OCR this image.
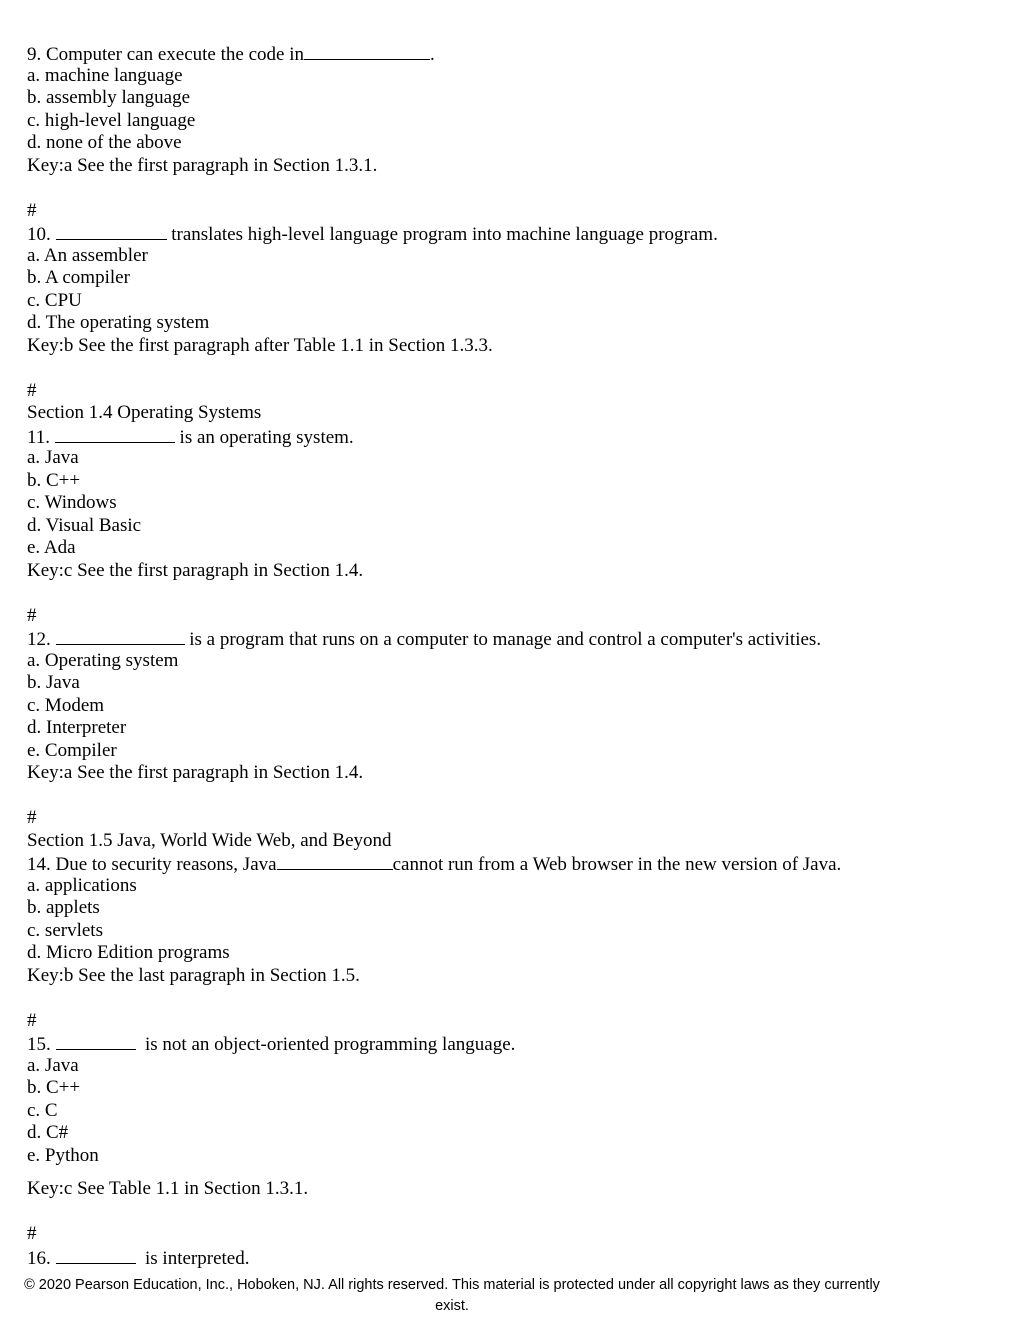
9. Computer can execute the code in	.
a. machine language
b. assembly language
c. high-level language
d. none of the above
Key:a See the first paragraph in Section 1.3.1.
#
10.	translates high-level language program into machine language program.
a. An assembler
b. A compiler
c. CPU
d. The operating system
Key:b See the first paragraph after Table 1.1 in Section 1.3.3.
#
Section 1.4 Operating Systems
11.	is an operating system.
a. Java
b. C++
c. Windows
d. Visual Basic
e. Ada
Key:c See the first paragraph in Section 1.4.
#
12.	is a program that runs on a computer to manage and control a computer's activities.
a. Operating system
b. Java
c. Modem
d. Interpreter
e. Compiler
Key:a See the first paragraph in Section 1.4.
#
Section 1.5 Java, World Wide Web, and Beyond
14. Due to security reasons, Java	cannot run from a Web browser in the new version of Java.
a. applications
b. applets
c. servlets
d. Micro Edition programs
Key:b See the last paragraph in Section 1.5.
#
15.	is not an object-oriented programming language.
a. Java
b. C++
c. C
d. C#
e. Python
Key:c See Table 1.1 in Section 1.3.1.
#
16.	is interpreted.
© 2020 Pearson Education, Inc., Hoboken, NJ. All rights reserved. This material is protected under all copyright laws as they currently
exist.
